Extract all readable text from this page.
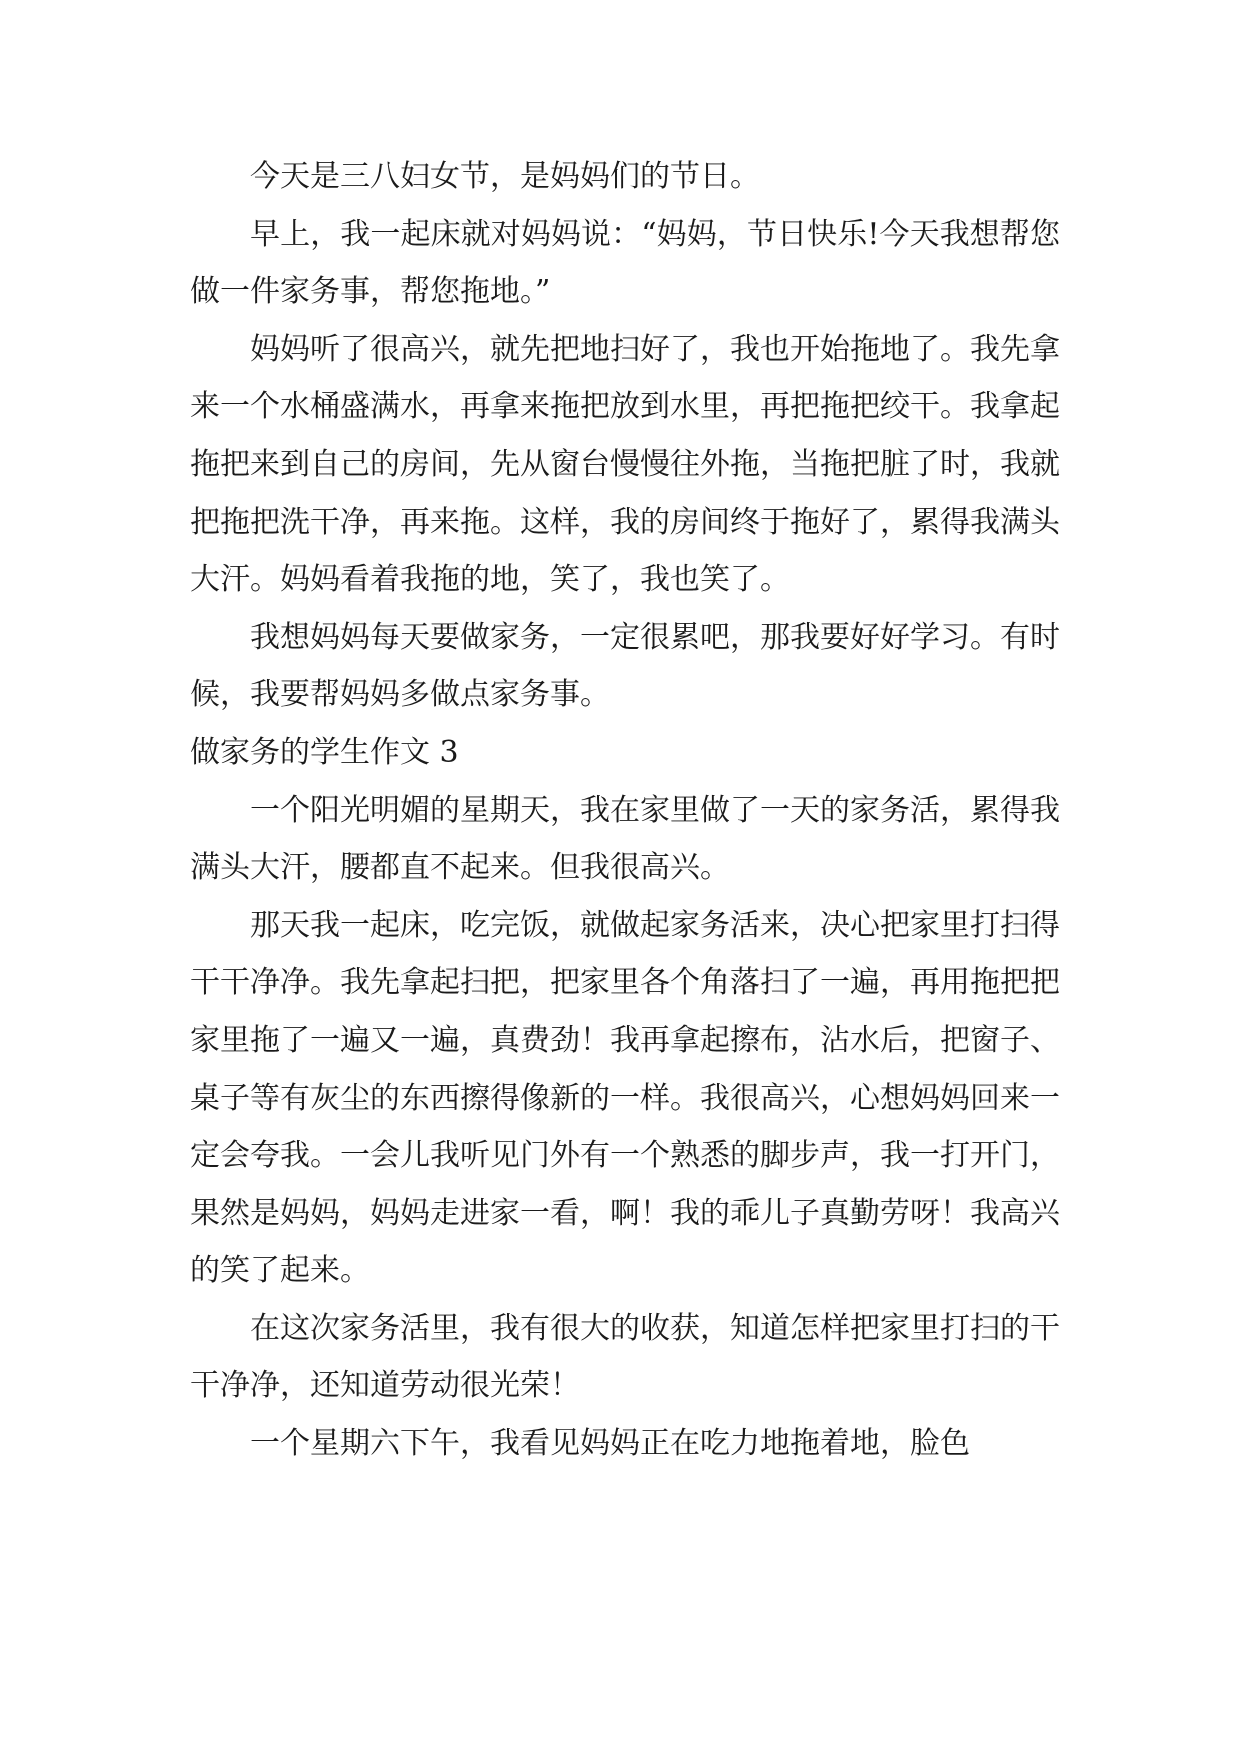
今天是三八妇女节，是妈妈们的节日。

早上，我一起床就对妈妈说：“妈妈，节日快乐!今天我想帮您做一件家务事，帮您拖地。”

妈妈听了很高兴，就先把地扫好了，我也开始拖地了。我先拿来一个水桶盛满水，再拿来拖把放到水里，再把拖把绞干。我拿起拖把来到自己的房间，先从窗台慢慢往外拖，当拖把脏了时，我就把拖把洗干净，再来拖。这样，我的房间终于拖好了，累得我满头大汗。妈妈看着我拖的地，笑了，我也笑了。

我想妈妈每天要做家务，一定很累吧，那我要好好学习。有时候，我要帮妈妈多做点家务事。

做家务的学生作文 3

一个阳光明媚的星期天，我在家里做了一天的家务活，累得我满头大汗，腰都直不起来。但我很高兴。

那天我一起床，吃完饭，就做起家务活来，决心把家里打扫得干干净净。我先拿起扫把，把家里各个角落扫了一遍，再用拖把把家里拖了一遍又一遍，真费劲！我再拿起擦布，沾水后，把窗子、桌子等有灰尘的东西擦得像新的一样。我很高兴，心想妈妈回来一定会夸我。一会儿我听见门外有一个熟悉的脚步声，我一打开门，果然是妈妈，妈妈走进家一看，啊！我的乖儿子真勤劳呀！我高兴的笑了起来。

在这次家务活里，我有很大的收获，知道怎样把家里打扫的干干净净，还知道劳动很光荣！

一个星期六下午，我看见妈妈正在吃力地拖着地，脸色
